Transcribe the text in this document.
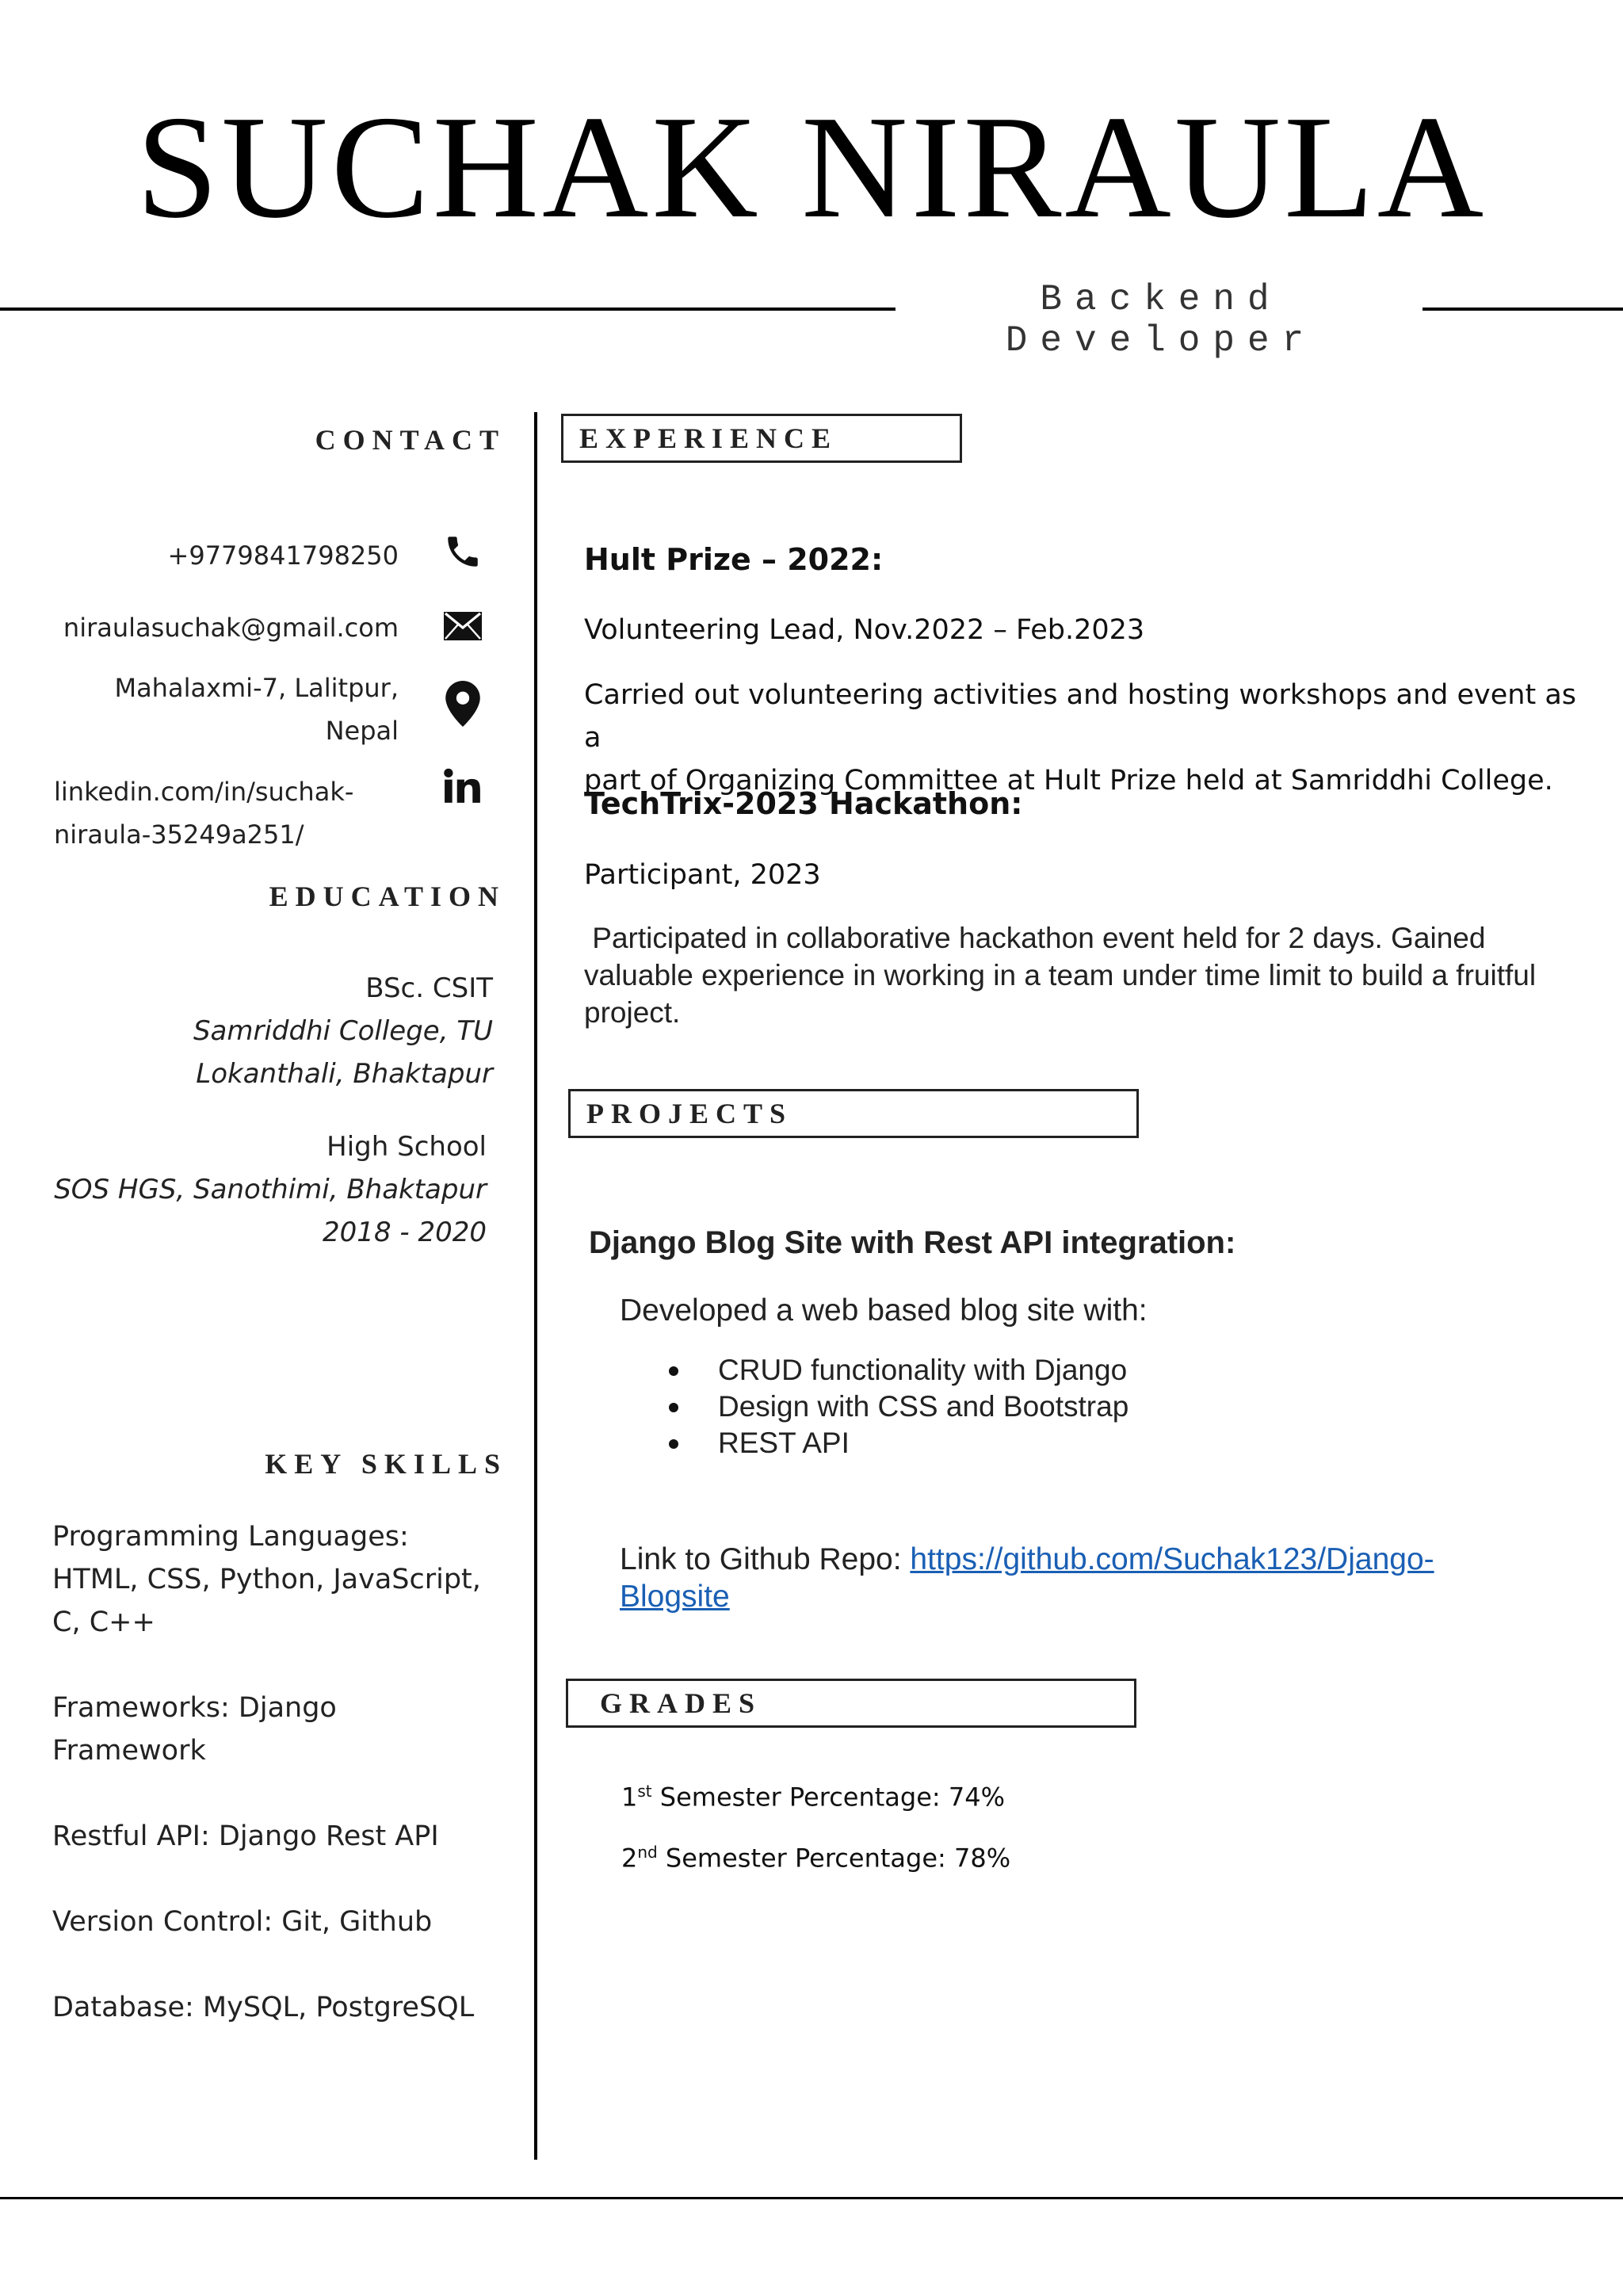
SUCHAK NIRAULA
Backend Developer
CONTACT
+9779841798250
niraulasuchak@gmail.com
Mahalaxmi-7, Lalitpur,
Nepal
linkedin.com/in/suchak-
niraula-35249a251/
EDUCATION
BSc. CSIT
Samriddhi College, TU
Lokanthali, Bhaktapur
High School
SOS HGS, Sanothimi, Bhaktapur
2018 - 2020
KEY SKILLS

Programming Languages:
HTML, CSS, Python, JavaScript,
C, C++

Frameworks: Django Framework

Restful API: Django Rest API

Version Control: Git, Github

Database: MySQL, PostgreSQL

EXPERIENCE
Hult Prize – 2022:
Volunteering Lead, Nov.2022 – Feb.2023
Carried out volunteering activities and hosting workshops and event as a
part of Organizing Committee at Hult Prize held at Samriddhi College.
TechTrix-2023 Hackathon:
Participant, 2023
Participated in collaborative hackathon event held for 2 days. Gained
valuable experience in working in a team under time limit to build a fruitful
project.
PROJECTS
Django Blog Site with Rest API integration:
Developed a web based blog site with:
CRUD functionality with Django
Design with CSS and Bootstrap
REST API
Link to Github Repo: https://github.com/Suchak123/Django-
Blogsite
GRADES
1st Semester Percentage: 74%
2nd Semester Percentage: 78%
